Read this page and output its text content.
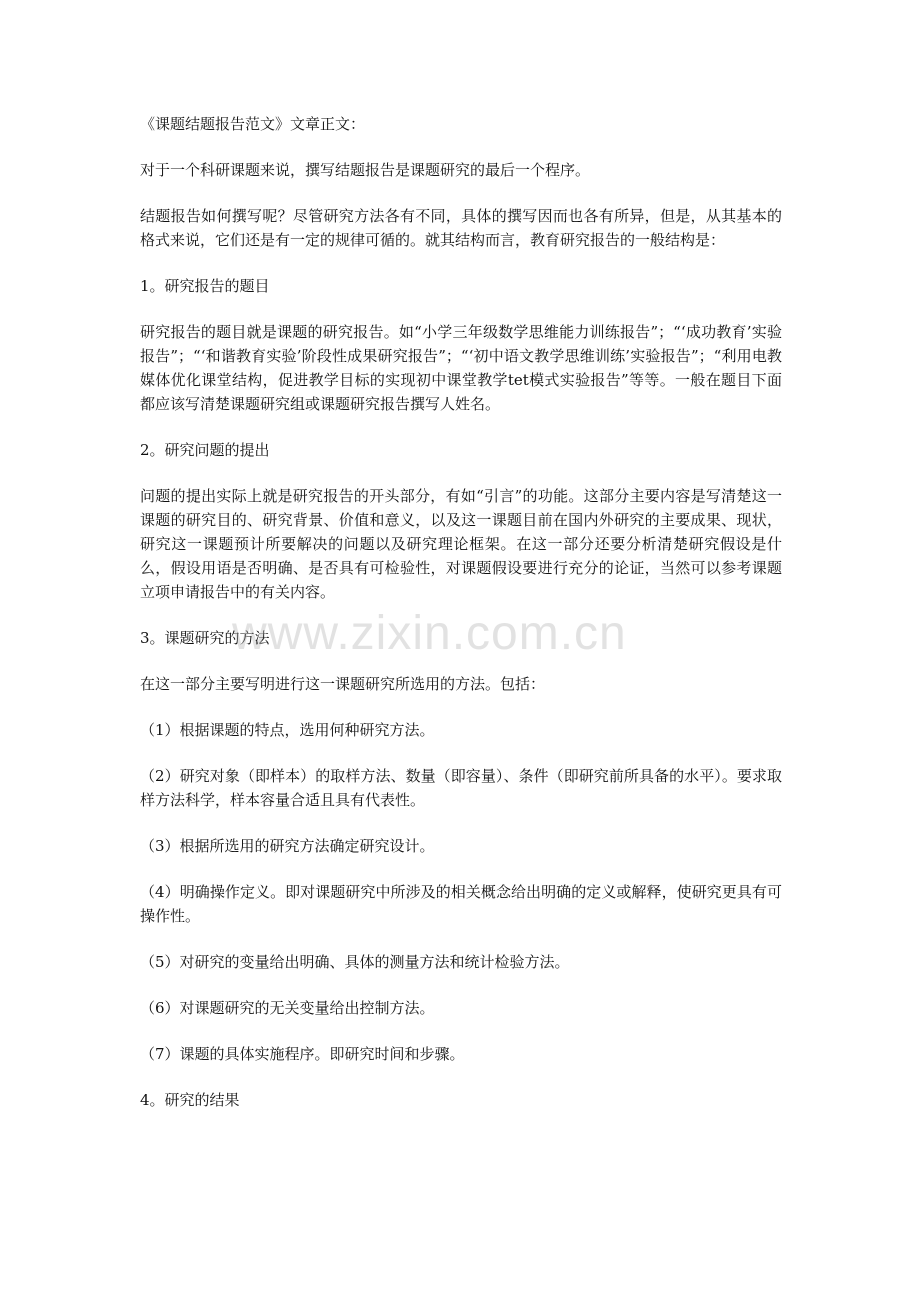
《课题结题报告范文》文章正文：

对于一个科研课题来说，撰写结题报告是课题研究的最后一个程序。

结题报告如何撰写呢？尽管研究方法各有不同，具体的撰写因而也各有所异，但是，从其基本的格式来说，它们还是有一定的规律可循的。就其结构而言，教育研究报告的一般结构是：

1。研究报告的题目

研究报告的题目就是课题的研究报告。如“小学三年级数学思维能力训练报告”；“‘成功教育’实验报告”；“‘和谐教育实验’阶段性成果研究报告”；“‘初中语文教学思维训练’实验报告”；“利用电教媒体优化课堂结构，促进教学目标的实现初中课堂教学tet模式实验报告”等等。一般在题目下面都应该写清楚课题研究组或课题研究报告撰写人姓名。

2。研究问题的提出

问题的提出实际上就是研究报告的开头部分，有如“引言”的功能。这部分主要内容是写清楚这一课题的研究目的、研究背景、价值和意义，以及这一课题目前在国内外研究的主要成果、现状，研究这一课题预计所要解决的问题以及研究理论框架。在这一部分还要分析清楚研究假设是什么，假设用语是否明确、是否具有可检验性，对课题假设要进行充分的论证，当然可以参考课题立项申请报告中的有关内容。

3。课题研究的方法

在这一部分主要写明进行这一课题研究所选用的方法。包括：

（1）根据课题的特点，选用何种研究方法。

（2）研究对象（即样本）的取样方法、数量（即容量）、条件（即研究前所具备的水平）。要求取样方法科学，样本容量合适且具有代表性。

（3）根据所选用的研究方法确定研究设计。

（4）明确操作定义。即对课题研究中所涉及的相关概念给出明确的定义或解释，使研究更具有可操作性。

（5）对研究的变量给出明确、具体的测量方法和统计检验方法。

（6）对课题研究的无关变量给出控制方法。

（7）课题的具体实施程序。即研究时间和步骤。

4。研究的结果

www.zixin.com.cn
